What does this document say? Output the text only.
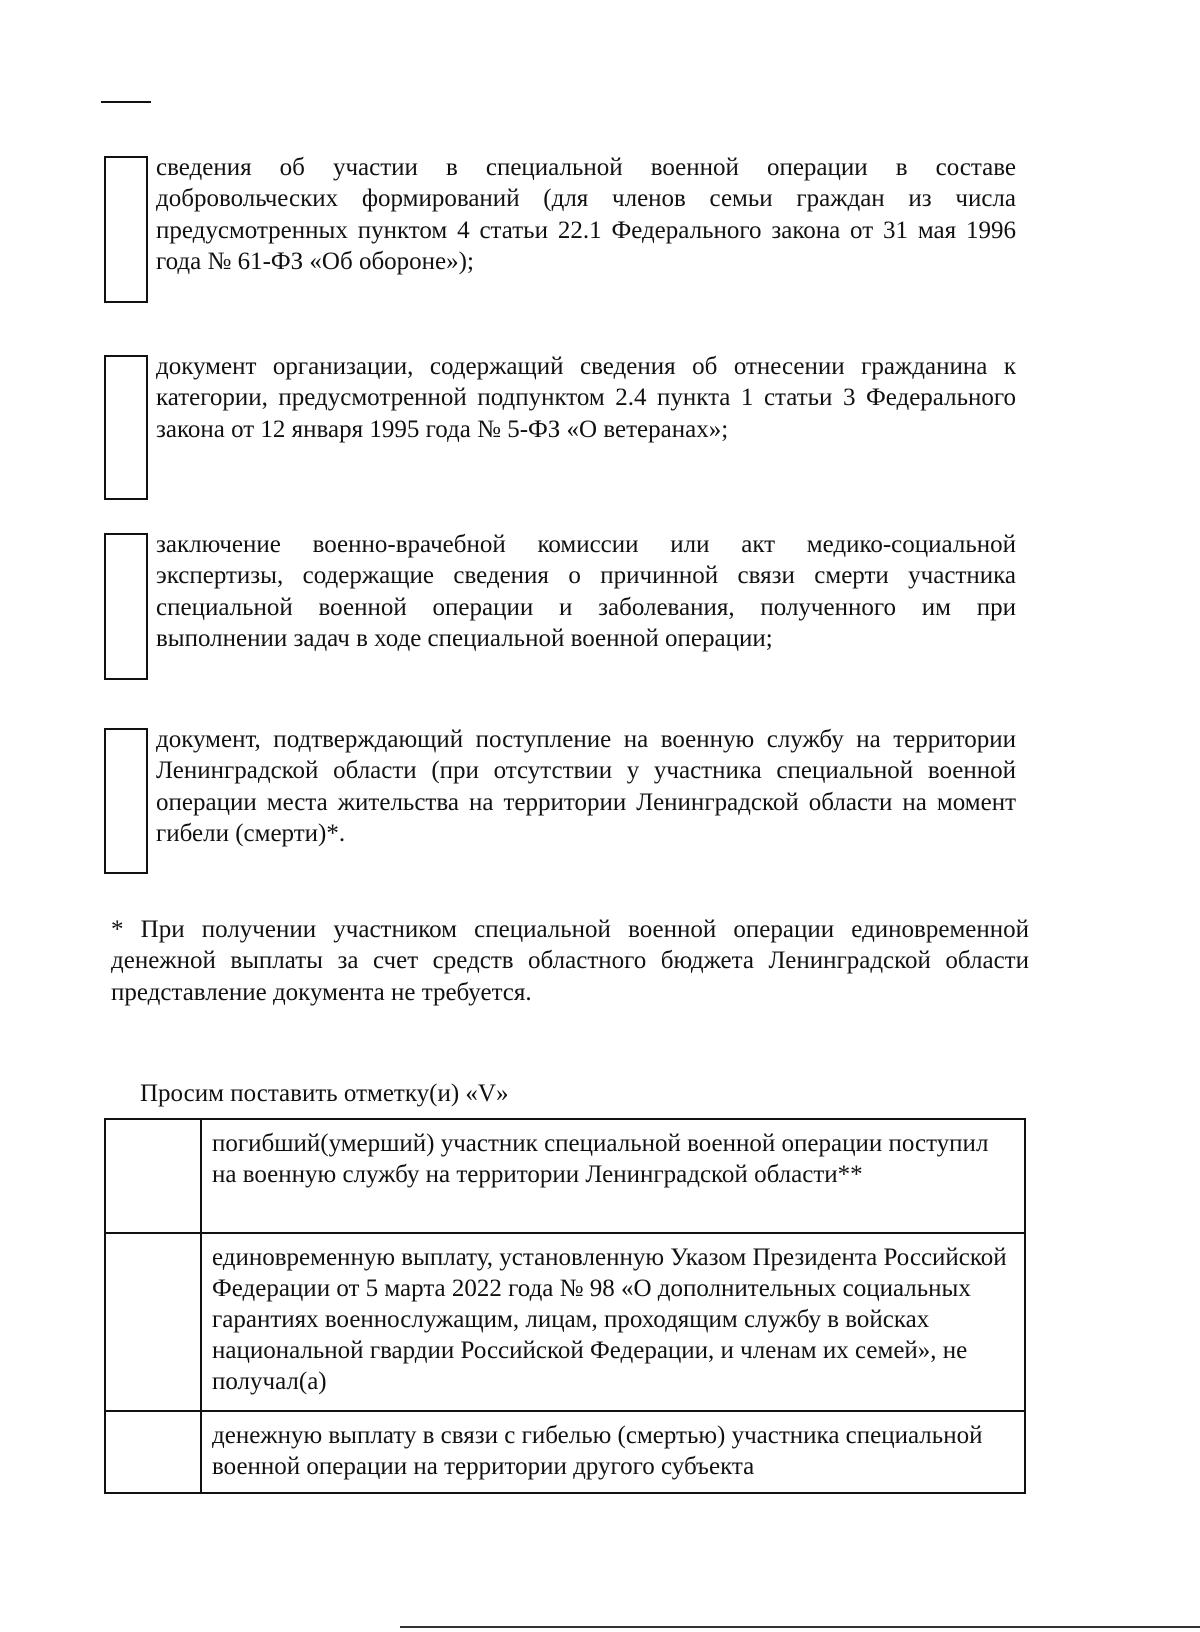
сведения об участии в специальной военной операции в составе добровольческих формирований (для членов семьи граждан из числа предусмотренных пунктом 4 статьи 22.1 Федерального закона от 31 мая 1996 года № 61-ФЗ «Об обороне»);
документ организации, содержащий сведения об отнесении гражданина к категории, предусмотренной подпунктом 2.4 пункта 1 статьи 3 Федерального закона от 12 января 1995 года № 5-ФЗ «О ветеранах»;
заключение военно-врачебной комиссии или акт медико-социальной экспертизы, содержащие сведения о причинной связи смерти участника специальной военной операции и заболевания, полученного им при выполнении задач в ходе специальной военной операции;
документ, подтверждающий поступление на военную службу на территории Ленинградской области (при отсутствии у участника специальной военной операции места жительства на территории Ленинградской области на момент гибели (смерти)*.
* При получении участником специальной военной операции единовременной денежной выплаты за счет средств областного бюджета Ленинградской области представление документа не требуется.
Просим поставить отметку(и) «V»
	погибший(умерший) участник специальной военной операции поступил на военную службу на территории Ленинградской области**
	единовременную выплату, установленную Указом Президента Российской Федерации от 5 марта 2022 года № 98 «О дополнительных социальных гарантиях военнослужащим, лицам, проходящим службу в войсках национальной гвардии Российской Федерации, и членам их семей», не получал(а)
	денежную выплату в связи с гибелью (смертью) участника специальной военной операции на территории другого субъекта
